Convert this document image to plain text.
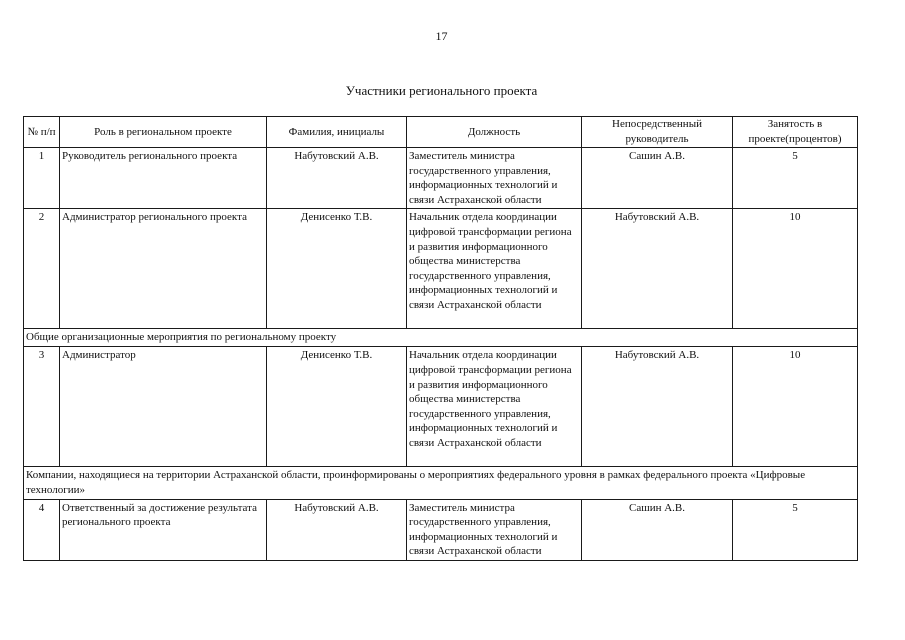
17
Участники регионального проекта
№ п/п	Роль в региональном проекте	Фамилия, инициалы	Должность	Непосредственный руководитель	Занятость в проекте(процентов)
1	Руководитель регионального проекта	Набутовский А.В.	Заместитель министра государственного управления, информационных технологий и связи Астраханской области	Сашин А.В.	5
2	Администратор регионального проекта	Денисенко Т.В.	Начальник отдела координации цифровой трансформации региона и развития информационного общества министерства государственного управления, информационных технологий и связи Астраханской области	Набутовский А.В.	10
Общие организационные мероприятия по региональному проекту					
3	Администратор	Денисенко Т.В.	Начальник отдела координации цифровой трансформации региона и развития информационного общества министерства государственного управления, информационных технологий и связи Астраханской области	Набутовский А.В.	10
Компании, находящиеся на территории Астраханской области, проинформированы о мероприятиях федерального уровня в рамках федерального проекта «Цифровые технологии»					
4	Ответственный за достижение результата регионального проекта	Набутовский А.В.	Заместитель министра государственного управления, информационных технологий и связи Астраханской области	Сашин А.В.	5
